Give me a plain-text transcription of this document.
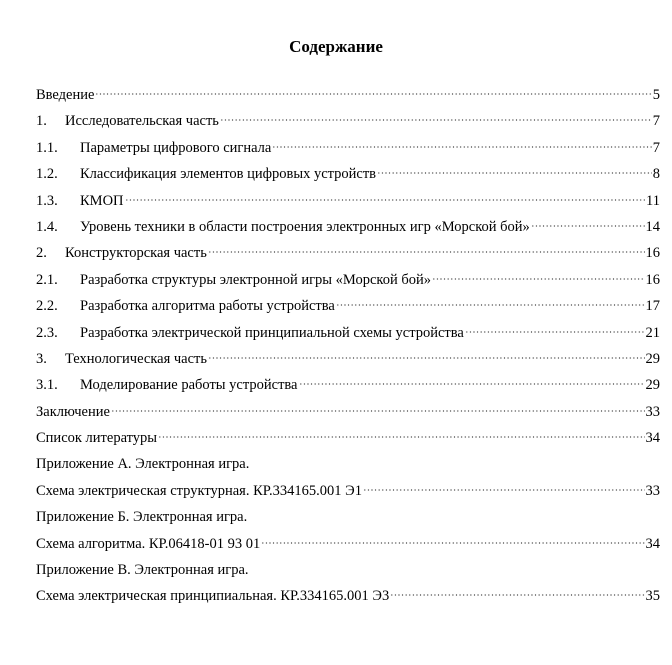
Содержание
Введение	5
1.	Исследовательская часть	7
1.1.	Параметры цифрового сигнала	7
1.2.	Классификация элементов цифровых устройств	8
1.3.	КМОП	11
1.4.	Уровень техники в области построения электронных игр «Морской бой»	14
2.	Конструкторская часть	16
2.1.	Разработка структуры электронной игры «Морской бой»	16
2.2.	Разработка алгоритма работы устройства	17
2.3.	Разработка электрической принципиальной схемы устройства	21
3.	Технологическая часть	29
3.1.	Моделирование работы устройства	29
Заключение	33
Список литературы	34
Приложение А. Электронная игра.
Схема электрическая структурная. КР.334165.001 Э1	33
Приложение Б. Электронная игра.
Схема алгоритма. КР.06418-01 93 01	34
Приложение В. Электронная игра.
Схема электрическая принципиальная. КР.334165.001 Э3	35
